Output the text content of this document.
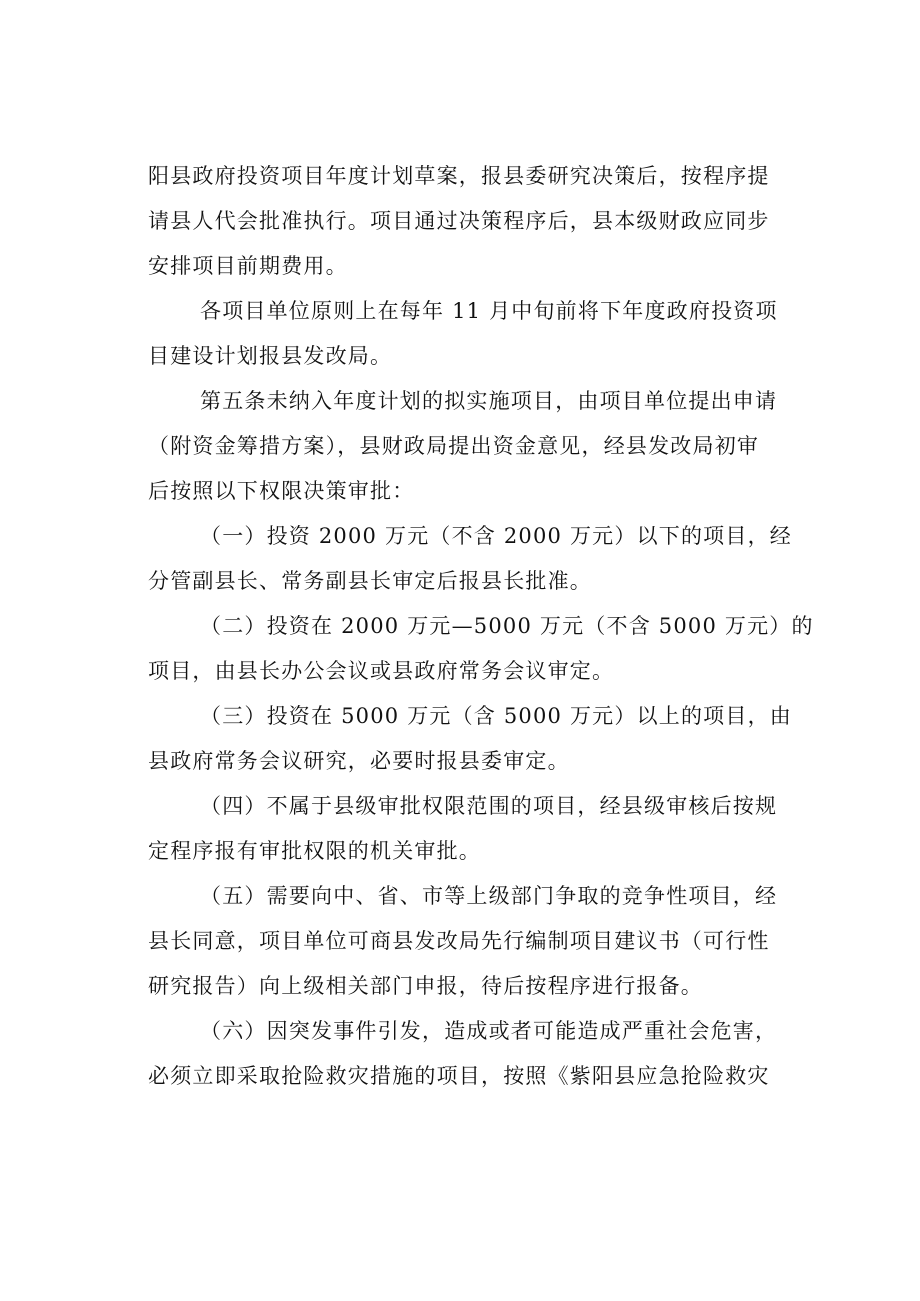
阳县政府投资项目年度计划草案，报县委研究决策后，按程序提
请县人代会批准执行。项目通过决策程序后，县本级财政应同步
安排项目前期费用。

各项目单位原则上在每年 11 月中旬前将下年度政府投资项
目建设计划报县发改局。

第五条未纳入年度计划的拟实施项目，由项目单位提出申请
（附资金筹措方案），县财政局提出资金意见，经县发改局初审
后按照以下权限决策审批：

（一）投资 2000 万元（不含 2000 万元）以下的项目，经
分管副县长、常务副县长审定后报县长批准。

（二）投资在 2000 万元—5000 万元（不含 5000 万元）的
项目，由县长办公会议或县政府常务会议审定。

（三）投资在 5000 万元（含 5000 万元）以上的项目，由
县政府常务会议研究，必要时报县委审定。

（四）不属于县级审批权限范围的项目，经县级审核后按规
定程序报有审批权限的机关审批。

（五）需要向中、省、市等上级部门争取的竞争性项目，经
县长同意，项目单位可商县发改局先行编制项目建议书（可行性
研究报告）向上级相关部门申报，待后按程序进行报备。

（六）因突发事件引发，造成或者可能造成严重社会危害，
必须立即采取抢险救灾措施的项目，按照《紫阳县应急抢险救灾
